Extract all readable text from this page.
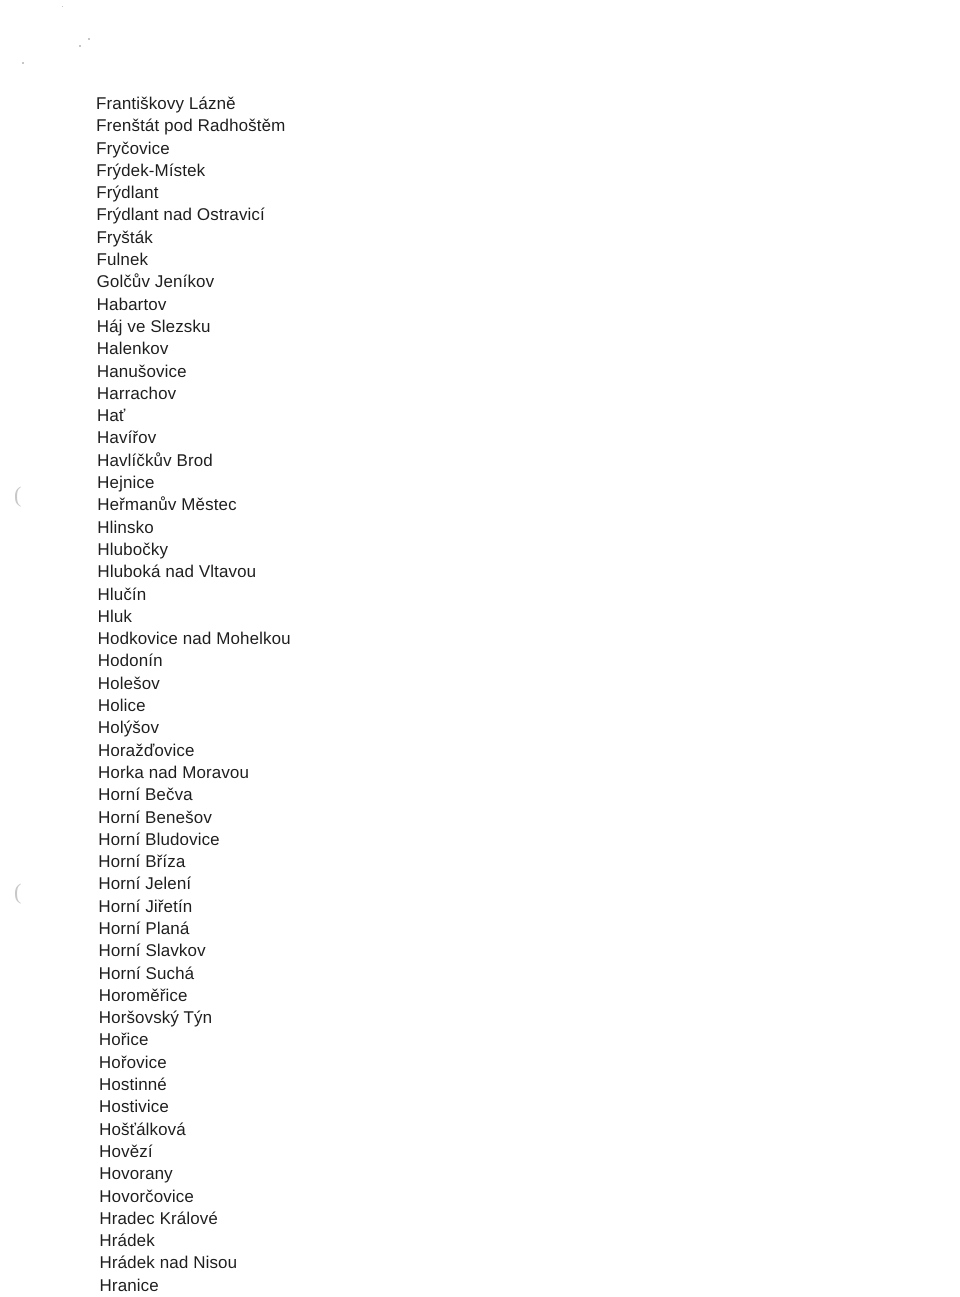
(
(
Františkovy Lázně
Frenštát pod Radhoštěm
Fryčovice
Frýdek-Místek
Frýdlant
Frýdlant nad Ostravicí
Fryšták
Fulnek
Golčův Jeníkov
Habartov
Háj ve Slezsku
Halenkov
Hanušovice
Harrachov
Hať
Havířov
Havlíčkův Brod
Hejnice
Heřmanův Městec
Hlinsko
Hlubočky
Hluboká nad Vltavou
Hlučín
Hluk
Hodkovice nad Mohelkou
Hodonín
Holešov
Holice
Holýšov
Horažďovice
Horka nad Moravou
Horní Bečva
Horní Benešov
Horní Bludovice
Horní Bříza
Horní Jelení
Horní Jiřetín
Horní Planá
Horní Slavkov
Horní Suchá
Horoměřice
Horšovský Týn
Hořice
Hořovice
Hostinné
Hostivice
Hošťálková
Hovězí
Hovorany
Hovorčovice
Hradec Králové
Hrádek
Hrádek nad Nisou
Hranice
